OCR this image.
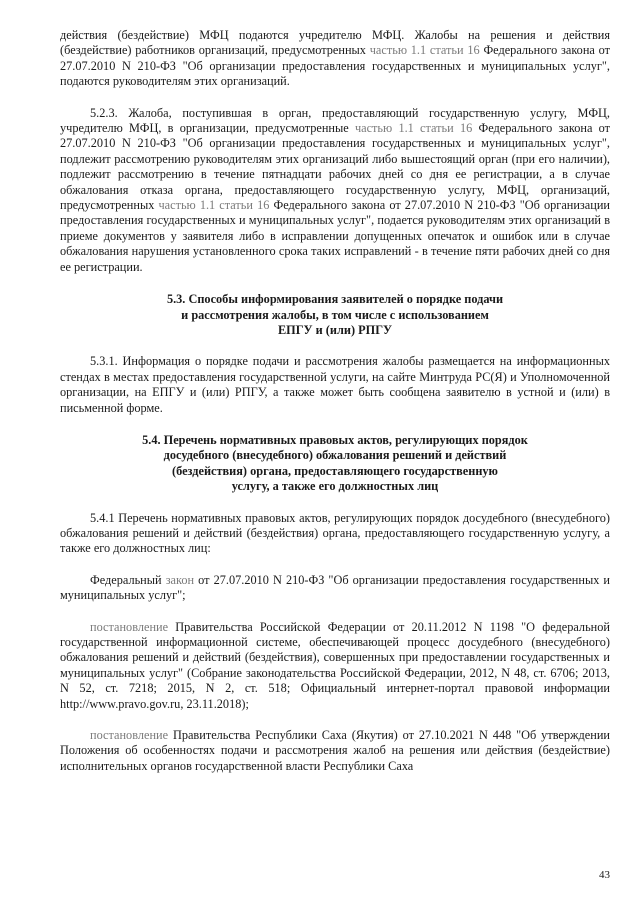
действия (бездействие) МФЦ подаются учредителю МФЦ. Жалобы на решения и действия (бездействие) работников организаций, предусмотренных частью 1.1 статьи 16 Федерального закона от 27.07.2010 N 210-ФЗ "Об организации предоставления государственных и муниципальных услуг", подаются руководителям этих организаций.

5.2.3. Жалоба, поступившая в орган, предоставляющий государственную услугу, МФЦ, учредителю МФЦ, в организации, предусмотренные частью 1.1 статьи 16 Федерального закона от 27.07.2010 N 210-ФЗ "Об организации предоставления государственных и муниципальных услуг", подлежит рассмотрению руководителям этих организаций либо вышестоящий орган (при его наличии), подлежит рассмотрению в течение пятнадцати рабочих дней со дня ее регистрации, а в случае обжалования отказа органа, предоставляющего государственную услугу, МФЦ, организаций, предусмотренных частью 1.1 статьи 16 Федерального закона от 27.07.2010 N 210-ФЗ "Об организации предоставления государственных и муниципальных услуг", подается руководителям этих организаций в приеме документов у заявителя либо в исправлении допущенных опечаток и ошибок или в случае обжалования нарушения установленного срока таких исправлений - в течение пяти рабочих дней со дня ее регистрации.

5.3. Способы информирования заявителей о порядке подачи
и рассмотрения жалобы, в том числе с использованием
ЕПГУ и (или) РПГУ

5.3.1. Информация о порядке подачи и рассмотрения жалобы размещается на информационных стендах в местах предоставления государственной услуги, на сайте Минтруда РС(Я) и Уполномоченной организации, на ЕПГУ и (или) РПГУ, а также может быть сообщена заявителю в устной и (или) в письменной форме.

5.4. Перечень нормативных правовых актов, регулирующих порядок
досудебного (внесудебного) обжалования решений и действий
(бездействия) органа, предоставляющего государственную
услугу, а также его должностных лиц

5.4.1 Перечень нормативных правовых актов, регулирующих порядок досудебного (внесудебного) обжалования решений и действий (бездействия) органа, предоставляющего государственную услугу, а также его должностных лиц:

Федеральный закон от 27.07.2010 N 210-ФЗ "Об организации предоставления государственных и муниципальных услуг";

постановление Правительства Российской Федерации от 20.11.2012 N 1198 "О федеральной государственной информационной системе, обеспечивающей процесс досудебного (внесудебного) обжалования решений и действий (бездействия), совершенных при предоставлении государственных и муниципальных услуг" (Собрание законодательства Российской Федерации, 2012, N 48, ст. 6706; 2013, N 52, ст. 7218; 2015, N 2, ст. 518; Официальный интернет-портал правовой информации http://www.pravo.gov.ru, 23.11.2018);

постановление Правительства Республики Саха (Якутия) от 27.10.2021 N 448 "Об утверждении Положения об особенностях подачи и рассмотрения жалоб на решения или действия (бездействие) исполнительных органов государственной власти Республики Саха

43
